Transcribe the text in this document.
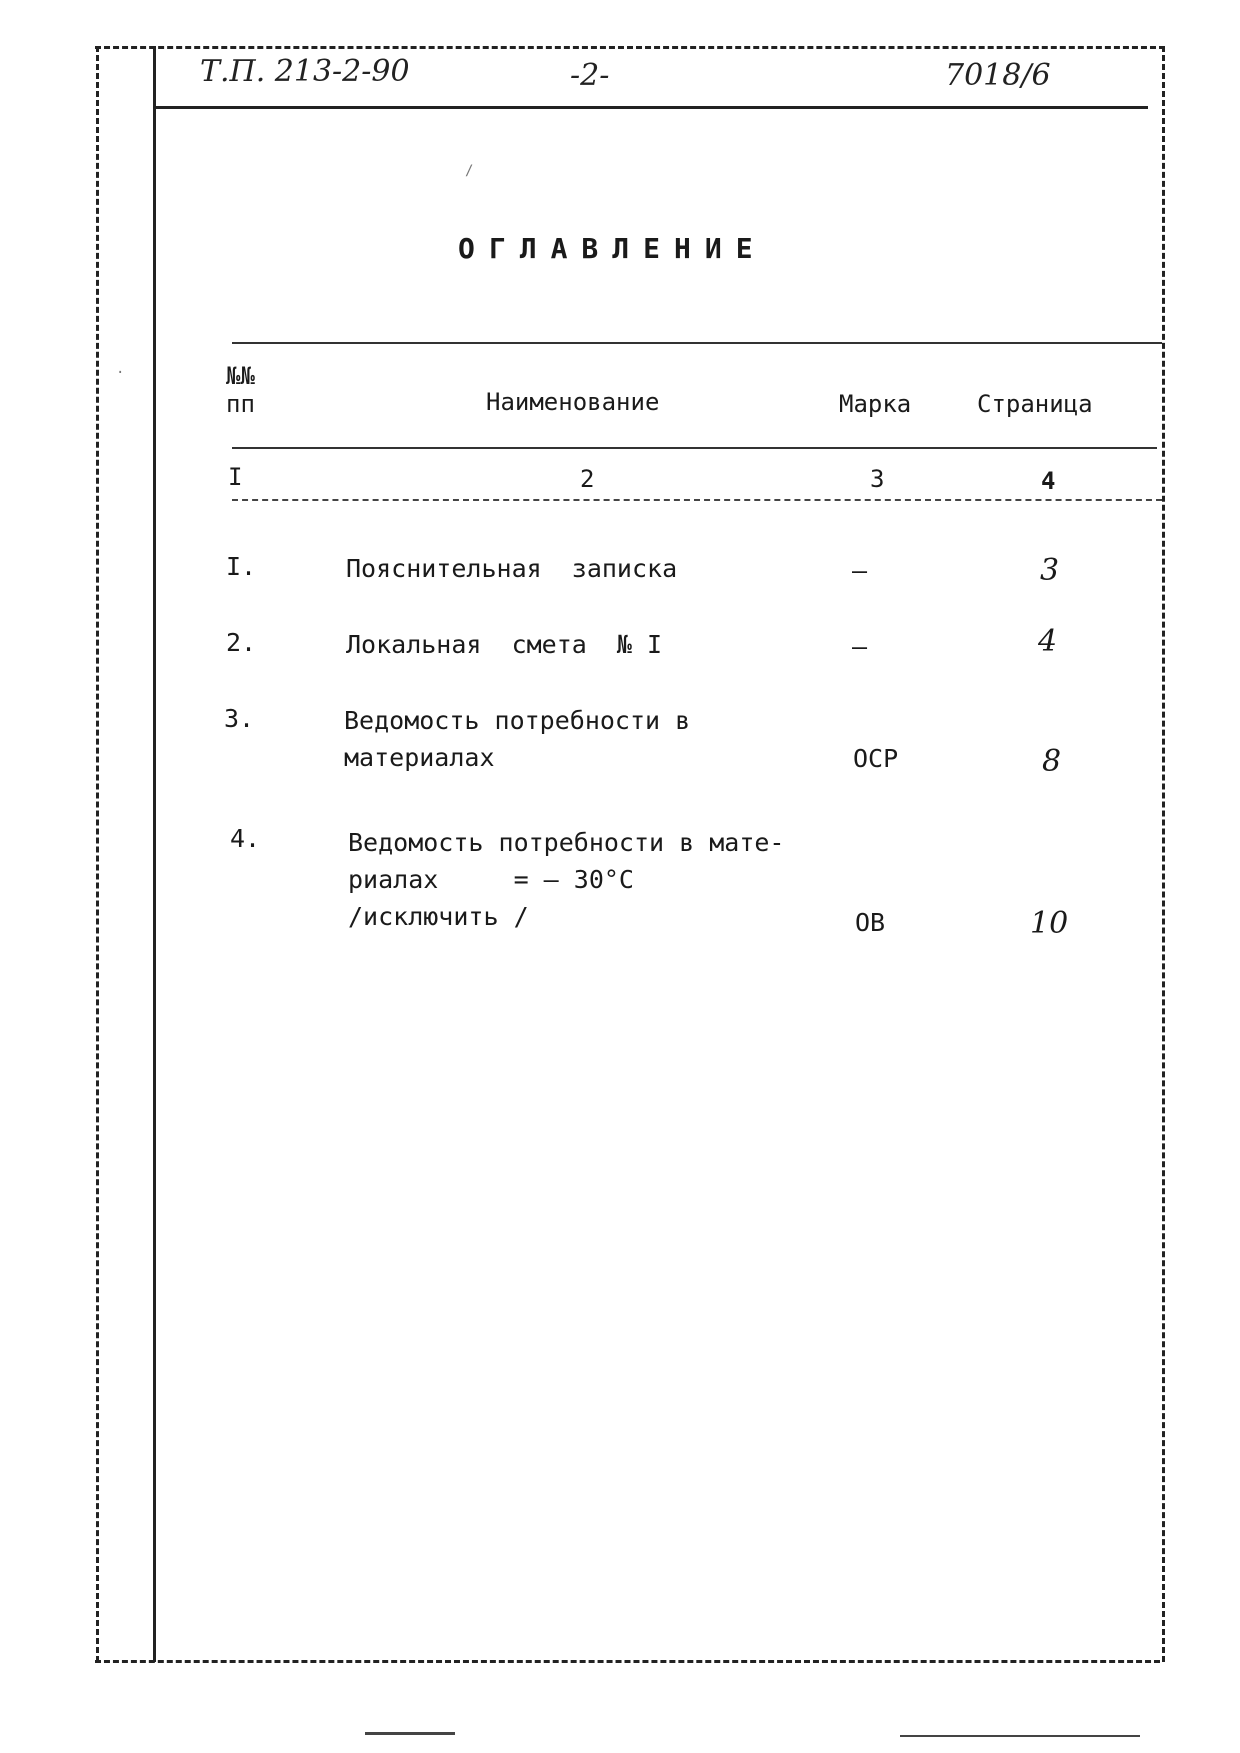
Т.П. 213-2-90	-2-	7018/6
/
·
ОГЛАВЛЕНИЕ
№№
пп	Наименование	Марка	Страница
I	2	3	4
I.	Пояснительная  записка	–	3
2.	Локальная  смета  № I	–	4
3.	Ведомость потребности в
материалах	ОСР	8
4.	Ведомость потребности в мате-
риалах     = – 30°С
/исключить /	ОВ	10
